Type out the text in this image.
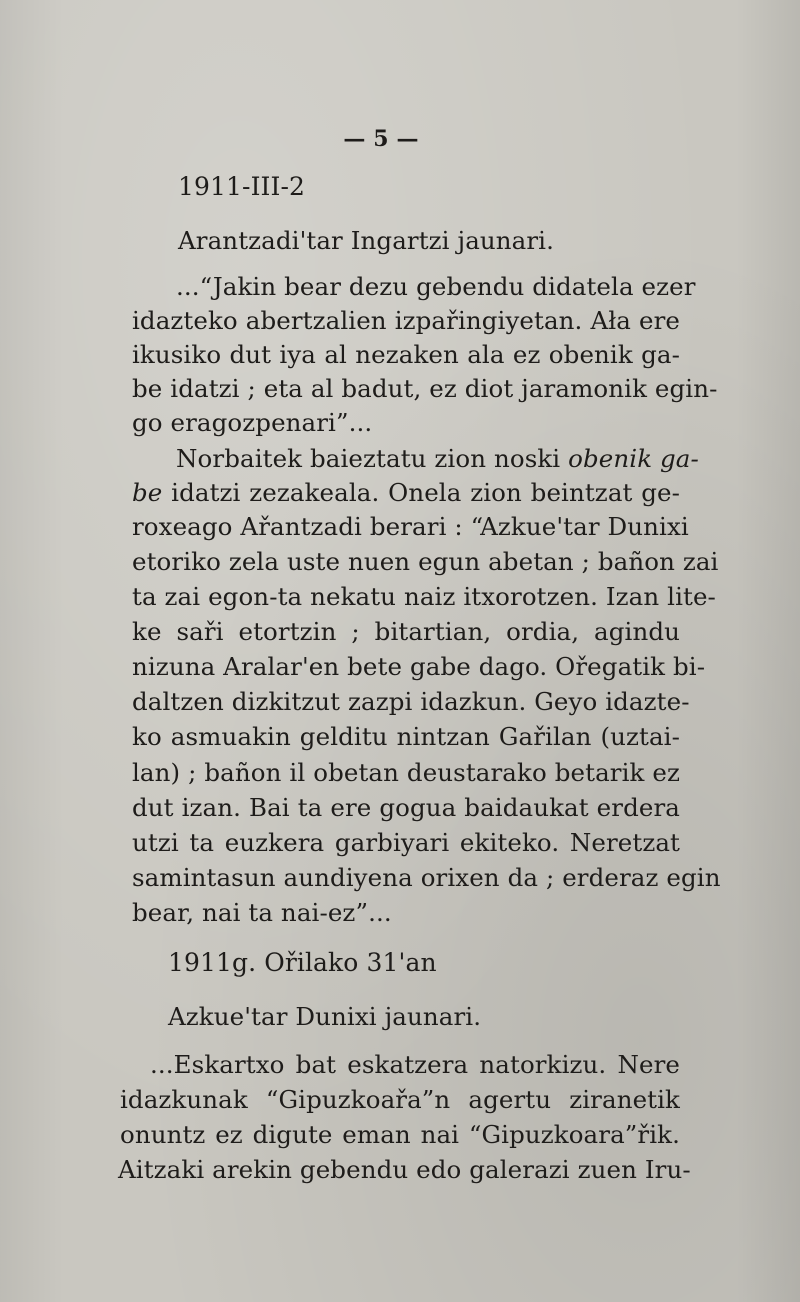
— 5 —
1911-III-2
Arantzadi'tar Ingartzi jaunari.
...“Jakin bear dezu gebendu didatela ezer
idazteko abertzalien izpařingiyetan. Ała ere
ikusiko dut iya al nezaken ala ez obenik ga-
be idatzi ; eta al badut, ez diot jaramonik egin-
go eragozpenari”...
Norbaitek baieztatu zion noski obenik ga-
be idatzi zezakeala. Onela zion beintzat ge-
roxeago Ařantzadi berari : “Azkue'tar Dunixi
etoriko zela uste nuen egun abetan ; bañon zai
ta zai egon-ta nekatu naiz itxorotzen. Izan lite-
ke saři etortzin ; bitartian, ordia, agindu
nizuna Aralar'en bete gabe dago. Ořegatik bi-
daltzen dizkitzut zazpi idazkun. Geyo idazte-
ko asmuakin gelditu nintzan Gařilan (uztai-
lan) ; bañon il obetan deustarako betarik ez
dut izan. Bai ta ere gogua baidaukat erdera
utzi ta euzkera garbiyari ekiteko. Neretzat
samintasun aundiyena orixen da ; erderaz egin
bear, nai ta nai-ez”...
1911g. Ořilako 31'an
Azkue'tar Dunixi jaunari.
...Eskartxo bat eskatzera natorkizu. Nere
idazkunak “Gipuzkoařa”n agertu ziranetik
onuntz ez digute eman nai “Gipuzkoara”řik.
Aitzaki arekin gebendu edo galerazi zuen Iru-
